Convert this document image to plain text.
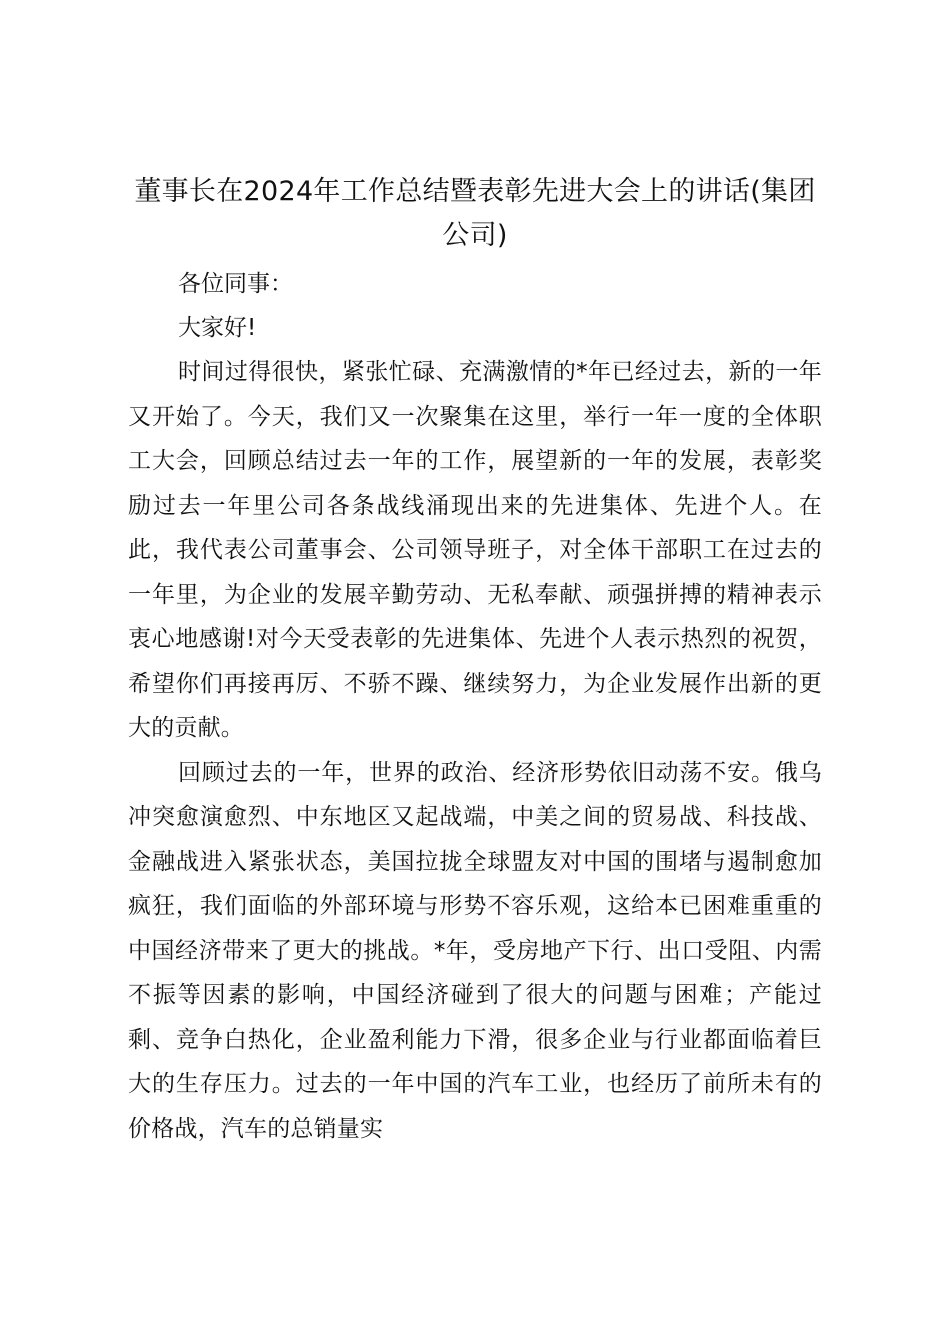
董事长在2024年工作总结暨表彰先进大会上的讲话(集团公司)

各位同事：

大家好!

时间过得很快，紧张忙碌、充满激情的*年已经过去，新的一年又开始了。今天，我们又一次聚集在这里，举行一年一度的全体职工大会，回顾总结过去一年的工作，展望新的一年的发展，表彰奖励过去一年里公司各条战线涌现出来的先进集体、先进个人。在此，我代表公司董事会、公司领导班子，对全体干部职工在过去的一年里，为企业的发展辛勤劳动、无私奉献、顽强拼搏的精神表示衷心地感谢!对今天受表彰的先进集体、先进个人表示热烈的祝贺，希望你们再接再厉、不骄不躁、继续努力，为企业发展作出新的更大的贡献。

回顾过去的一年，世界的政治、经济形势依旧动荡不安。俄乌冲突愈演愈烈、中东地区又起战端，中美之间的贸易战、科技战、金融战进入紧张状态，美国拉拢全球盟友对中国的围堵与遏制愈加疯狂，我们面临的外部环境与形势不容乐观，这给本已困难重重的中国经济带来了更大的挑战。*年，受房地产下行、出口受阻、内需不振等因素的影响，中国经济碰到了很大的问题与困难；产能过剩、竞争白热化，企业盈利能力下滑，很多企业与行业都面临着巨大的生存压力。过去的一年中国的汽车工业，也经历了前所未有的价格战，汽车的总销量实
